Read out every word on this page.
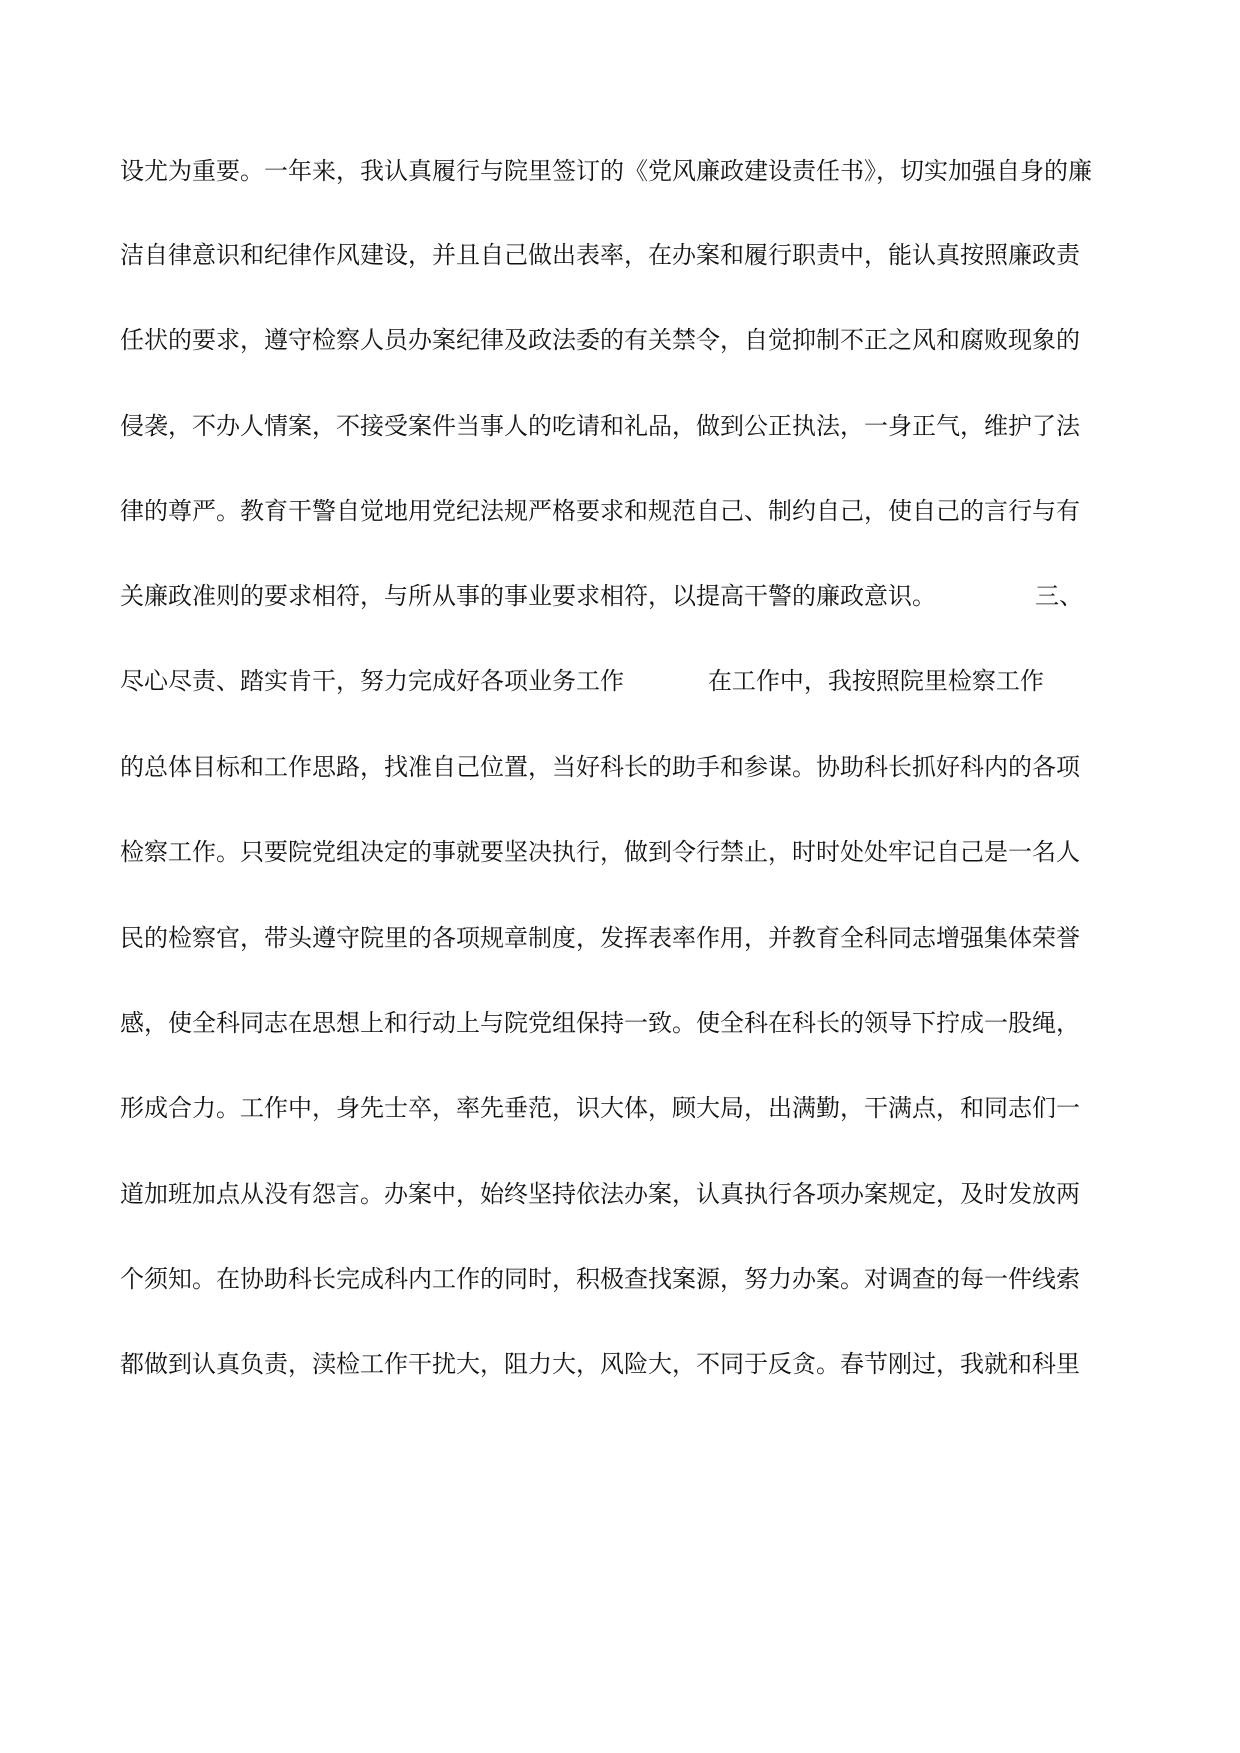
设尤为重要。一年来，我认真履行与院里签订的《党风廉政建设责任书》，切实加强自身的廉
洁自律意识和纪律作风建设，并且自己做出表率，在办案和履行职责中，能认真按照廉政责
任状的要求，遵守检察人员办案纪律及政法委的有关禁令，自觉抑制不正之风和腐败现象的
侵袭，不办人情案，不接受案件当事人的吃请和礼品，做到公正执法，一身正气，维护了法
律的尊严。教育干警自觉地用党纪法规严格要求和规范自己、制约自己，使自己的言行与有
关廉政准则的要求相符，与所从事的事业要求相符，以提高干警的廉政意识。             三、
尽心尽责、踏实肯干，努力完成好各项业务工作           在工作中，我按照院里检察工作
的总体目标和工作思路，找准自己位置，当好科长的助手和参谋。协助科长抓好科内的各项
检察工作。只要院党组决定的事就要坚决执行，做到令行禁止，时时处处牢记自己是一名人
民的检察官，带头遵守院里的各项规章制度，发挥表率作用，并教育全科同志增强集体荣誉
感，使全科同志在思想上和行动上与院党组保持一致。使全科在科长的领导下拧成一股绳，
形成合力。工作中，身先士卒，率先垂范，识大体，顾大局，出满勤，干满点，和同志们一
道加班加点从没有怨言。办案中，始终坚持依法办案，认真执行各项办案规定，及时发放两
个须知。在协助科长完成科内工作的同时，积极查找案源，努力办案。对调查的每一件线索
都做到认真负责，渎检工作干扰大，阻力大，风险大，不同于反贪。春节刚过，我就和科里
